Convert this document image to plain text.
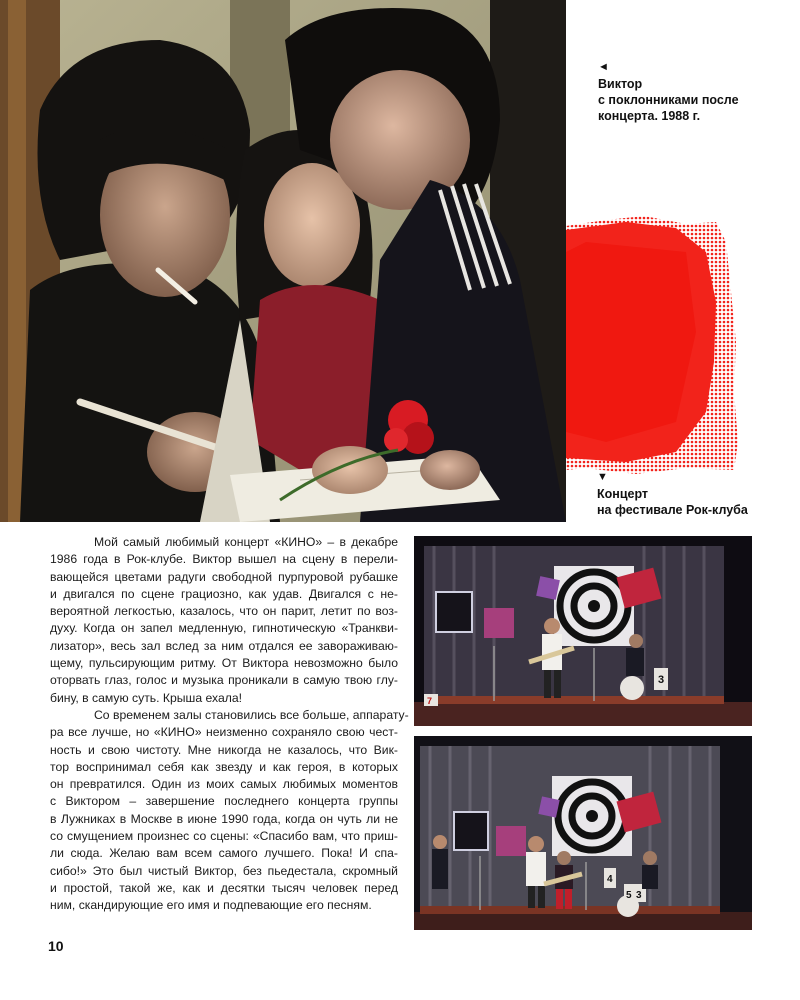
◄
Виктор
с поклонниками после
концерта. 1988 г.
▼
Концерт
на фестивале Рок-клуба
Мой самый любимый концерт «КИНО» – в декабре
1986 года в Рок-клубе. Виктор вышел на сцену в перели-
вающейся цветами радуги свободной пурпуровой рубашке
и двигался по сцене грациозно, как удав. Двигался с не-
вероятной легкостью, казалось, что он парит, летит по воз-
духу. Когда он запел медленную, гипнотическую «Транкви-
лизатор», весь зал вслед за ним отдался ее завораживаю-
щему, пульсирующим ритму. От Виктора невозможно было
оторвать глаз, голос и музыка проникали в самую твою глу-
бину, в самую суть. Крыша ехала!
Со временем залы становились все больше, аппарату-
ра все лучше, но «КИНО» неизменно сохраняло свою чест-
ность и свою чистоту. Мне никогда не казалось, что Вик-
тор воспринимал себя как звезду и как героя, в которых
он превратился. Один из моих самых любимых моментов
с Виктором – завершение последнего концерта группы
в Лужниках в Москве в июне 1990 года, когда он чуть ли не
со смущением произнес со сцены: «Спасибо вам, что приш-
ли сюда. Желаю вам всем самого лучшего. Пока! И спа-
сибо!» Это был чистый Виктор, без пьедестала, скромный
и простой, такой же, как и десятки тысяч человек перед
ним, скандирующие его имя и подпевающие его песням.
3
7
4
5 3
10
